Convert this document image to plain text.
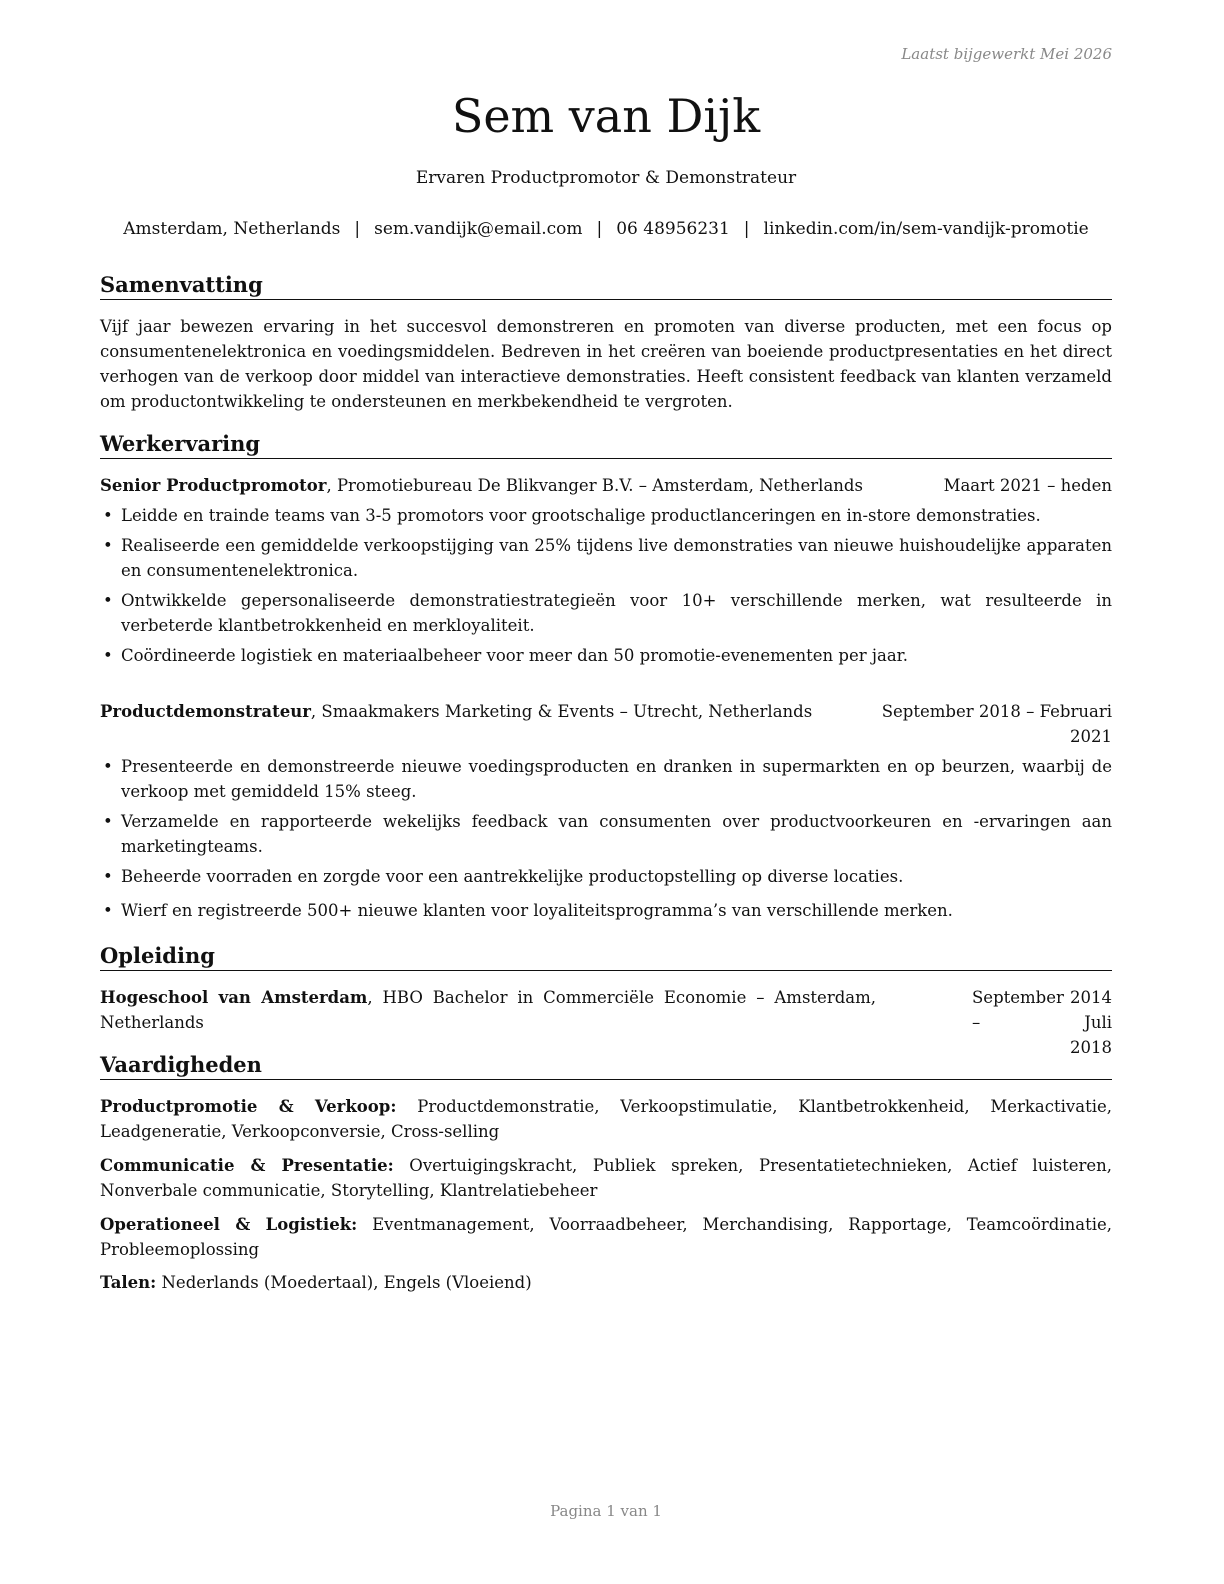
Laatst bijgewerkt Mei 2026
Sem van Dijk
Ervaren Productpromotor & Demonstrateur
Amsterdam, Netherlands | sem.vandijk@email.com | 06 48956231 | linkedin.com/in/sem-vandijk-promotie
Samenvatting
Vijf jaar bewezen ervaring in het succesvol demonstreren en promoten van diverse producten, met een focus op consumentenelektronica en voedingsmiddelen. Bedreven in het creëren van boeiende productpresentaties en het direct verhogen van de verkoop door middel van interactieve demonstraties. Heeft consistent feedback van klanten verzameld om productontwikkeling te ondersteunen en merkbekendheid te vergroten.
Werkervaring
Senior Productpromotor, Promotiebureau De Blikvanger B.V. – Amsterdam, Netherlands	Maart 2021 – heden
• Leidde en trainde teams van 3-5 promotors voor grootschalige productlanceringen en in-store demonstraties.
• Realiseerde een gemiddelde verkoopstijging van 25% tijdens live demonstraties van nieuwe huishoudelijke apparaten en consumentenelektronica.
• Ontwikkelde gepersonaliseerde demonstratiestrategieën voor 10+ verschillende merken, wat resulteerde in verbeterde klantbetrokkenheid en merkloyaliteit.
• Coördineerde logistiek en materiaalbeheer voor meer dan 50 promotie-evenementen per jaar.
Productdemonstrateur, Smaakmakers Marketing & Events – Utrecht, Netherlands	September 2018 – Februari
2021
• Presenteerde en demonstreerde nieuwe voedingsproducten en dranken in supermarkten en op beurzen, waarbij de verkoop met gemiddeld 15% steeg.
• Verzamelde en rapporteerde wekelijks feedback van consumenten over productvoorkeuren en -ervaringen aan marketingteams.
• Beheerde voorraden en zorgde voor een aantrekkelijke productopstelling op diverse locaties.
• Wierf en registreerde 500+ nieuwe klanten voor loyaliteitsprogramma’s van verschillende merken.
Opleiding
Hogeschool van Amsterdam, HBO Bachelor in Commerciële Economie – Amsterdam, Netherlands
September 2014 – Juli
2018
Vaardigheden
Productpromotie & Verkoop: Productdemonstratie, Verkoopstimulatie, Klantbetrokkenheid, Merkactivatie, Leadgeneratie, Verkoopconversie, Cross-selling
Communicatie & Presentatie: Overtuigingskracht, Publiek spreken, Presentatietechnieken, Actief luisteren, Nonverbale communicatie, Storytelling, Klantrelatiebeheer
Operationeel & Logistiek: Eventmanagement, Voorraadbeheer, Merchandising, Rapportage, Teamcoördinatie, Probleemoplossing
Talen: Nederlands (Moedertaal), Engels (Vloeiend)
Pagina 1 van 1
